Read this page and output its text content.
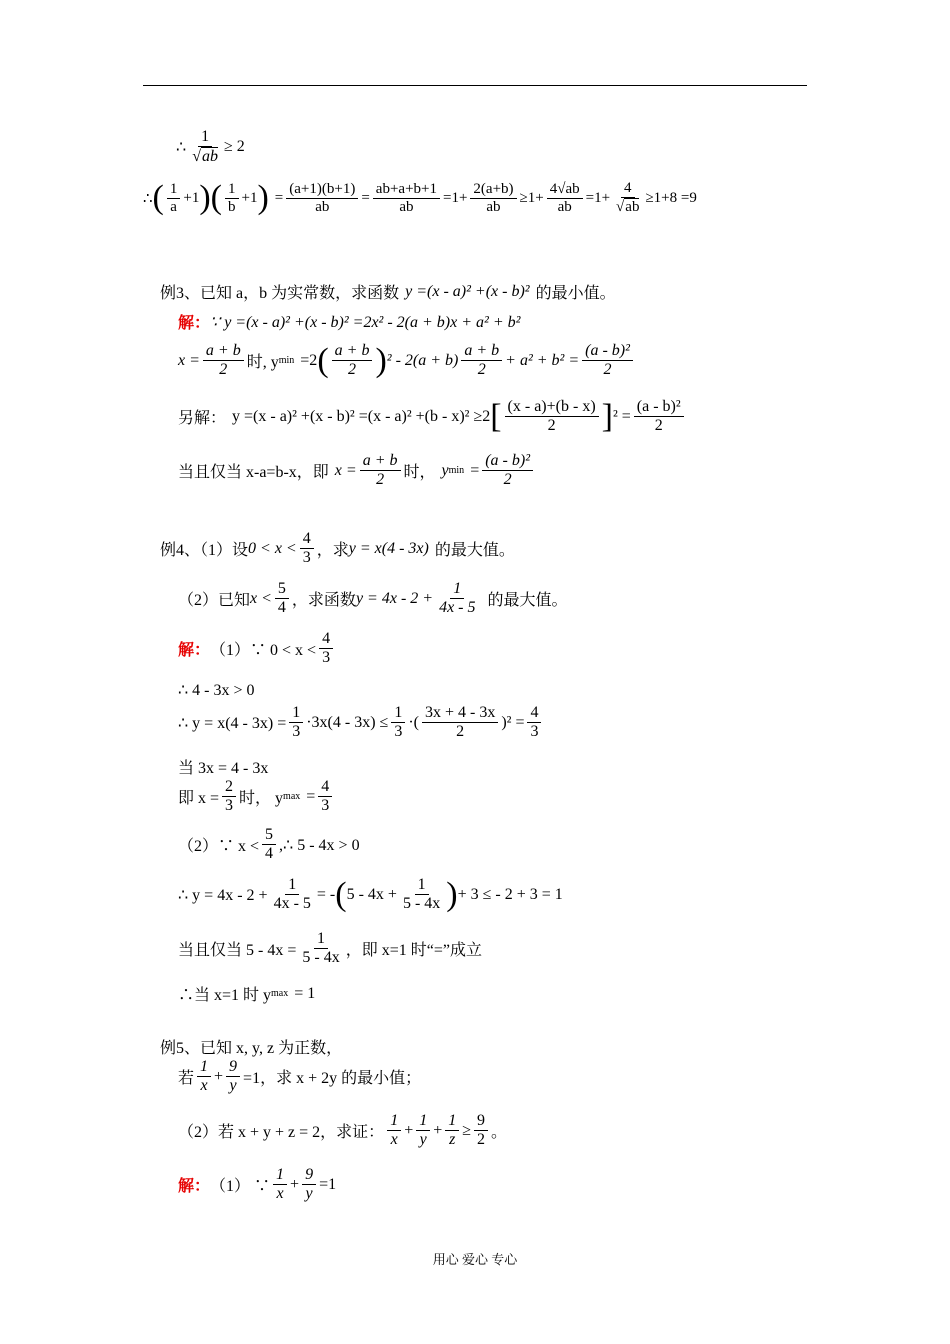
∴ $\frac{1}{√ab} \ge 2$
∴ ( $\frac{1}{a} +1$ )( $\frac{1}{b} +1$ ) = $\frac{(a+1)(b+1)}{ab} = \frac{ab+a+b+1}{ab} =1+ \frac{2(a+b)}{ab} \ge 1+ \frac{4√ab}{ab} =1+ \frac{4}{√ab} \ge 1+8 =9$
例3、已知 a，b 为实常数，求函数 y =(x - a)² +(x - b)² 的最小值。
解： ∵ y =(x - a)² +(x - b)² =2x² - 2(a + b)x + a² + b²
$x = \frac{a + b}{2}$ 时, y min =2 ( $\frac{a + b}{2}$ ) $^2 - 2(a + b) \frac{a + b}{2} + a^2 + b^2 = \frac{\text{(a - b)²}}{2}$
另解： y =(x - a)² +(x - b)² =(x - a)² +(b - x)² ≥2 [ $\frac{(x - a)+(b - x)}{2}$ ] $^2 = \frac{\text{(a - b)²}}{2}$
当且仅当 x-a=b-x，即 $x = \frac{a + b}{2}$ 时， y $\min = \frac{\text{(a - b)²}}{2}$
例4、（1）设 $0 < x < \frac{4}{3}$ ，求 y = x(4 - 3x) 的最大值。
（2）已知 $x < \frac{5}{4}$ ，求函数 $y = 4x - 2 + \frac{1}{4x - 5}$ 的最大值。
解： （1）∵ $0 < x < \frac{4}{3}$
∴ 4 - 3x > 0
∴ $y = x(4 - 3x) = \frac{1}{3} \cdot 3x(4 - 3x) \le \frac{1}{3}$ ·( $\frac{3x + 4 - 3x}{2} )^2 = \frac{4}{3}$
当 3x = 4 - 3x
即 $x = \frac{2}{3}$ 时， y $\max = \frac{4}{3}$
（2）∵ $x < \frac{5}{4}$ ,∴ 5 - 4x > 0
∴ $y = 4x - 2 + \frac{1}{4x - 5}$ = - ( $5 - 4x + \frac{1}{5 - 4x}$ ) + 3 ≤ - 2 + 3 = 1
当且仅当 $5 - 4x = \frac{1}{5 - 4x}$ ，即 x=1 时“=”成立
∴当 x=1 时 y max = 1
例5、已知 x, y, z 为正数，
若 $\frac{1}{x} + \frac{9}{y} =1$，求 x + 2y 的最小值；
（2）若 x + y + z = 2，求证： $\frac{1}{x} + \frac{1}{y} + \frac{1}{z} \ge \frac{9}{2}$ 。
解： （1） ∵ $\frac{1}{x} + \frac{9}{y} =1$
用心 爱心 专心
